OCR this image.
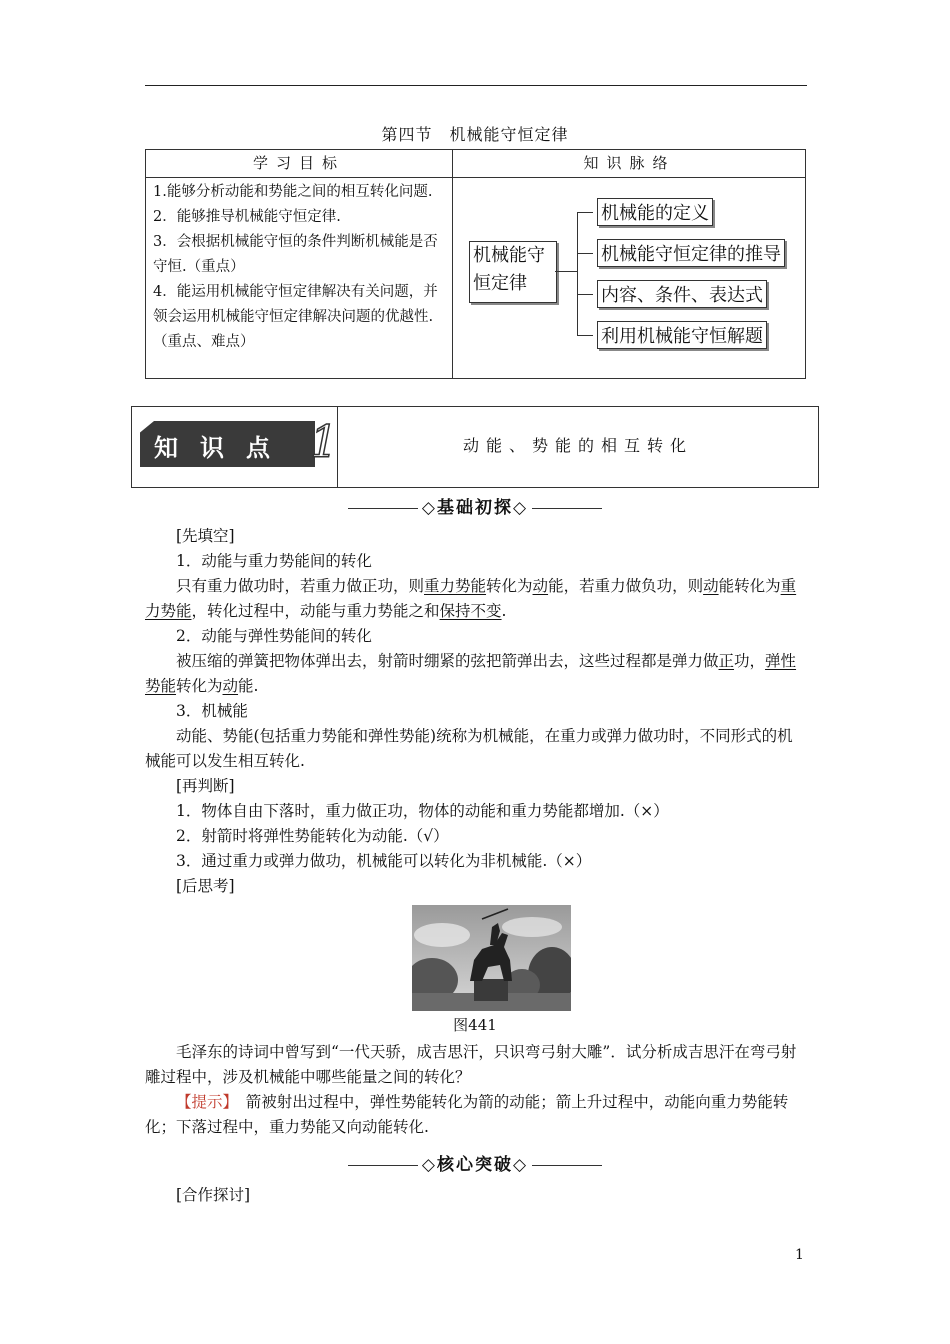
第四节　机械能守恒定律
学习目标	知识脉络

1.能够分析动能和势能之间的相互转化问题.

2．能够推导机械能守恒定律.

3．会根据机械能守恒的条件判断机械能是否守恒.（重点）

4．能运用机械能守恒定律解决有关问题，并领会运用机械能守恒定律解决问题的优越性.（重点、难点）

机械能守恒定律
机械能的定义
机械能守恒定律的推导
内容、条件、表达式
利用机械能守恒解题
知识点 1	动能、势能的相互转化
◇基础初探◇

[先填空]

1．动能与重力势能间的转化

只有重力做功时，若重力做正功，则重力势能转化为动能，若重力做负功，则动能转化为重力势能，转化过程中，动能与重力势能之和保持不变.

2．动能与弹性势能间的转化

被压缩的弹簧把物体弹出去，射箭时绷紧的弦把箭弹出去，这些过程都是弹力做正功，弹性势能转化为动能.

3．机械能

动能、势能(包括重力势能和弹性势能)统称为机械能，在重力或弹力做功时，不同形式的机械能可以发生相互转化.

[再判断]

1．物体自由下落时，重力做正功，物体的动能和重力势能都增加.（×）

2．射箭时将弹性势能转化为动能.（√）

3．通过重力或弹力做功，机械能可以转化为非机械能.（×）

[后思考]

图441

毛泽东的诗词中曾写到“一代天骄，成吉思汗，只识弯弓射大雕”．试分析成吉思汗在弯弓射雕过程中，涉及机械能中哪些能量之间的转化？

【提示】　箭被射出过程中，弹性势能转化为箭的动能；箭上升过程中，动能向重力势能转化；下落过程中，重力势能又向动能转化.

◇核心突破◇

[合作探讨]

1
